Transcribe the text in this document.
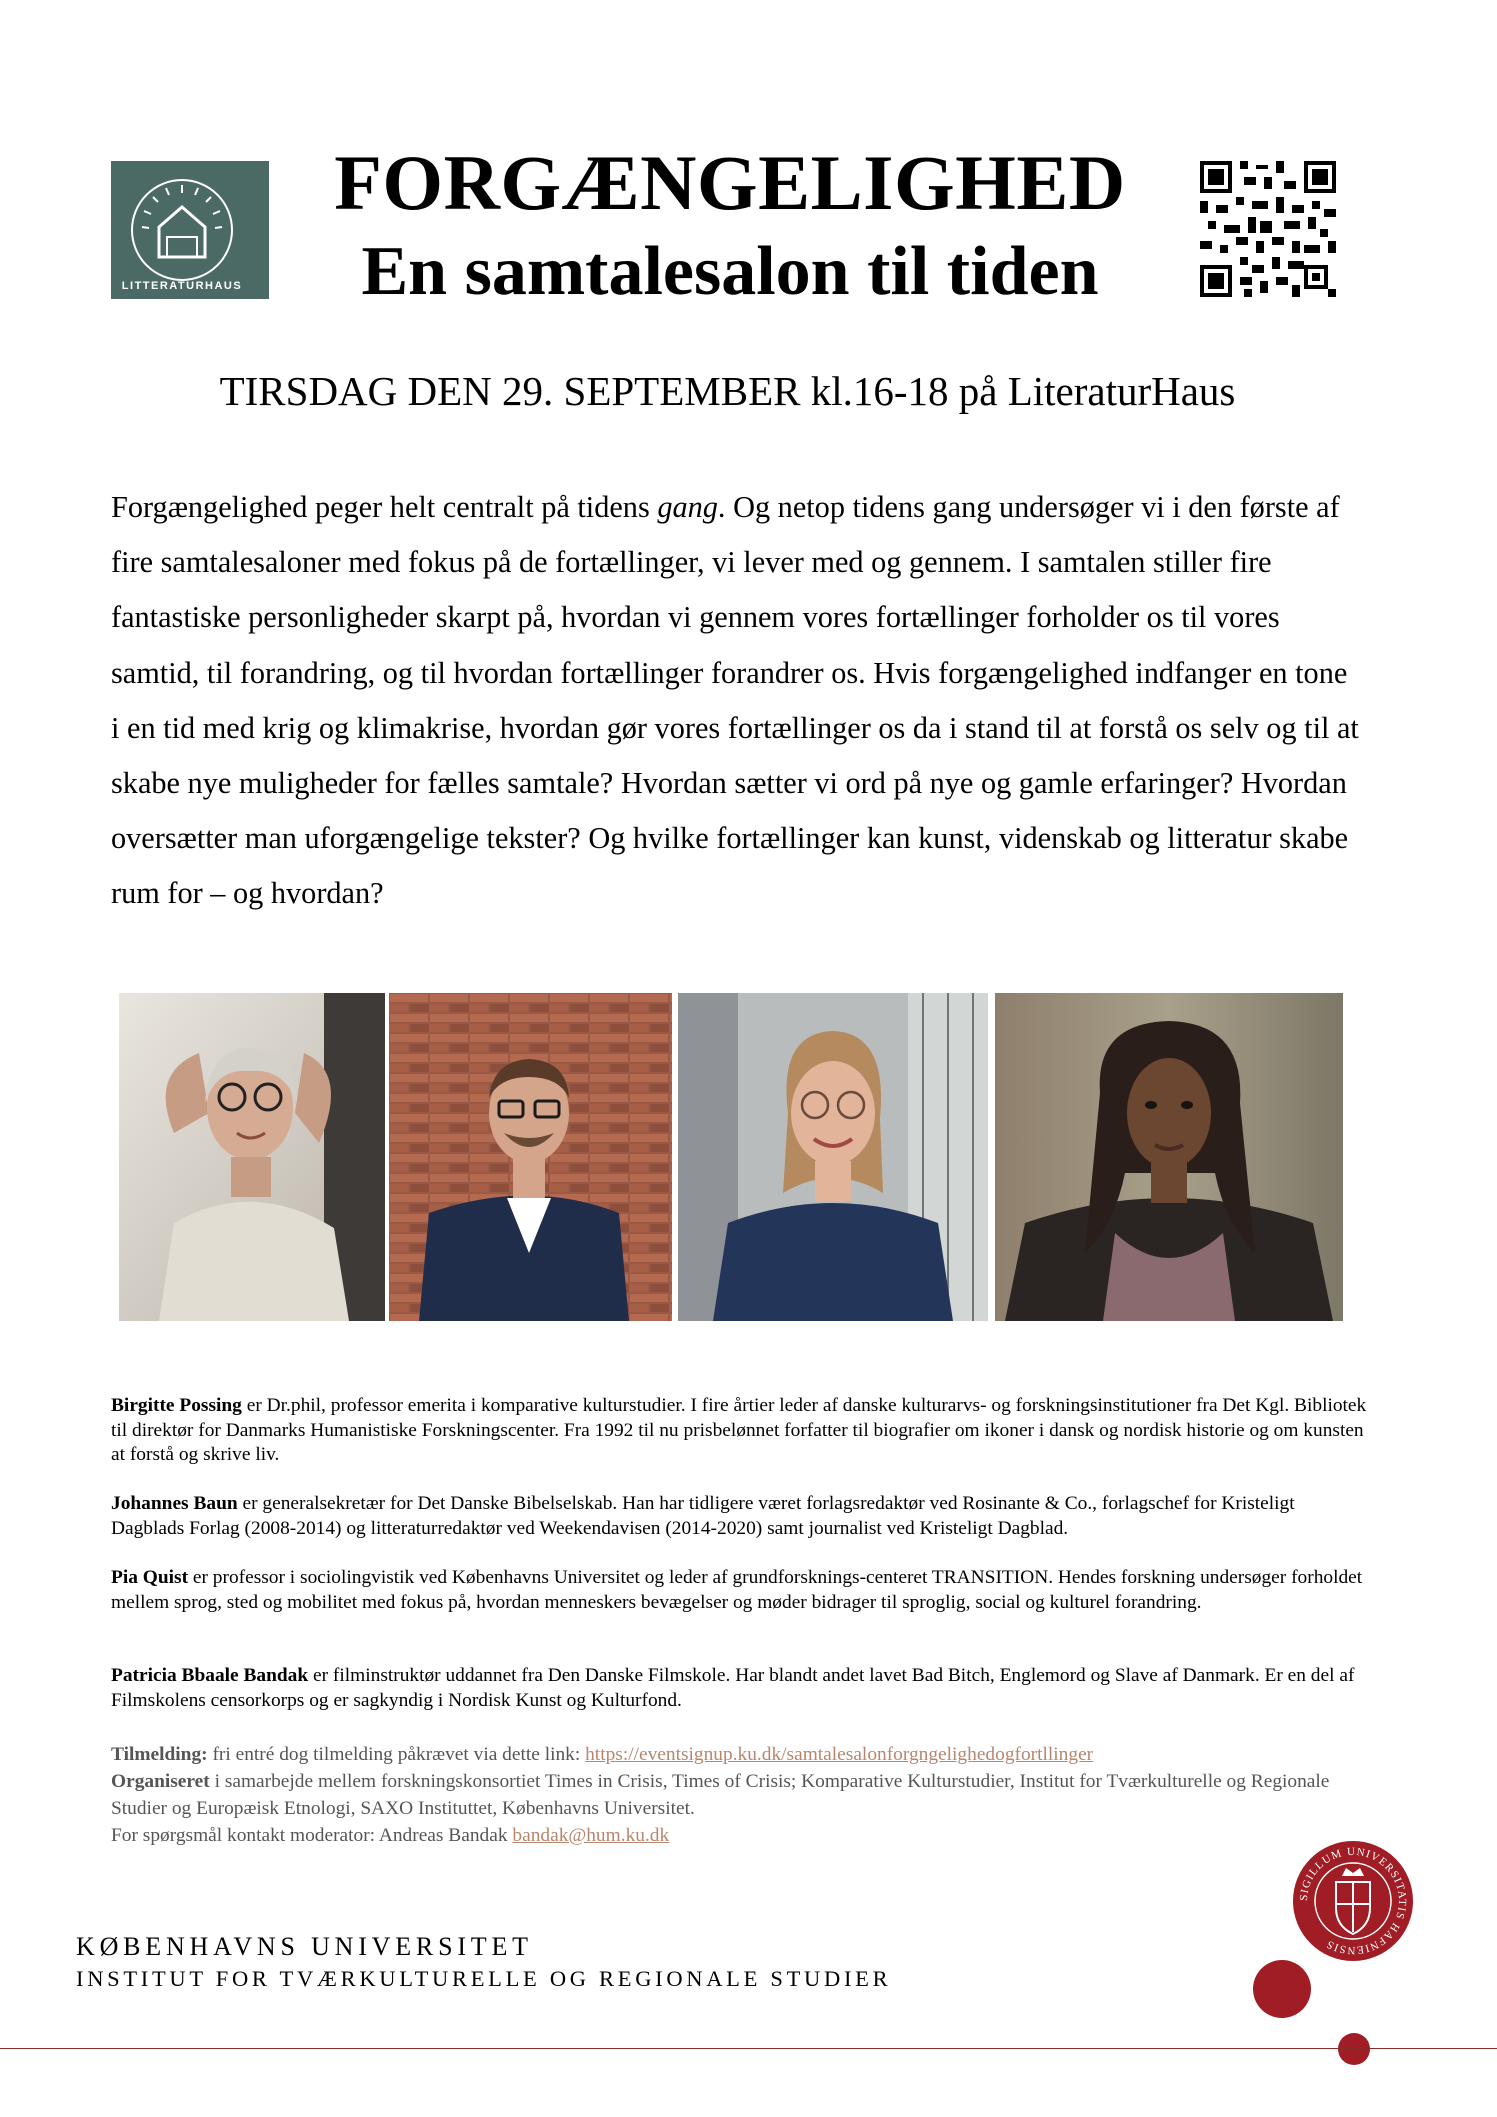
LITTERATURHAUS
FORGÆNGELIGHED
En samtalesalon til tiden
TIRSDAG DEN 29. SEPTEMBER kl.16-18 på LiteraturHaus
Forgængelighed peger helt centralt på tidens gang. Og netop tidens gang undersøger vi i den første af fire samtalesaloner med fokus på de fortællinger, vi lever med og gennem. I samtalen stiller fire fantastiske personligheder skarpt på, hvordan vi gennem vores fortællinger forholder os til vores samtid, til forandring, og til hvordan fortællinger forandrer os. Hvis forgængelighed indfanger en tone i en tid med krig og klimakrise, hvordan gør vores fortællinger os da i stand til at forstå os selv og til at skabe nye muligheder for fælles samtale? Hvordan sætter vi ord på nye og gamle erfaringer? Hvordan oversætter man uforgængelige tekster? Og hvilke fortællinger kan kunst, videnskab og litteratur skabe rum for – og hvordan?
Birgitte Possing er Dr.phil, professor emerita i komparative kulturstudier. I fire årtier leder af danske kulturarvs- og forskningsinstitutioner fra Det Kgl. Bibliotek til direktør for Danmarks Humanistiske Forskningscenter. Fra 1992 til nu prisbelønnet forfatter til biografier om ikoner i dansk og nordisk historie og om kunsten at forstå og skrive liv.
Johannes Baun er generalsekretær for Det Danske Bibelselskab. Han har tidligere været forlagsredaktør ved Rosinante & Co., forlagschef for Kristeligt Dagblads Forlag (2008-2014) og litteraturredaktør ved Weekendavisen (2014-2020) samt journalist ved Kristeligt Dagblad.
Pia Quist er professor i sociolingvistik ved Københavns Universitet og leder af grundforsknings-centeret TRANSITION. Hendes forskning undersøger forholdet mellem sprog, sted og mobilitet med fokus på, hvordan menneskers bevægelser og møder bidrager til sproglig, social og kulturel forandring.
Patricia Bbaale Bandak er filminstruktør uddannet fra Den Danske Filmskole. Har blandt andet lavet Bad Bitch, Englemord og Slave af Danmark. Er en del af Filmskolens censorkorps og er sagkyndig i Nordisk Kunst og Kulturfond.
Tilmelding: fri entré dog tilmelding påkrævet via dette link: https://eventsignup.ku.dk/samtalesalonforgngelighedogfortllinger
Organiseret i samarbejde mellem forskningskonsortiet Times in Crisis, Times of Crisis; Komparative Kulturstudier, Institut for Tværkulturelle og Regionale Studier og Europæisk Etnologi, SAXO Instituttet, Københavns Universitet.
For spørgsmål kontakt moderator: Andreas Bandak bandak@hum.ku.dk
SIGILLUM UNIVERSITATIS HAFNIENSIS
KØBENHAVNS UNIVERSITET
INSTITUT FOR TVÆRKULTURELLE OG REGIONALE STUDIER
